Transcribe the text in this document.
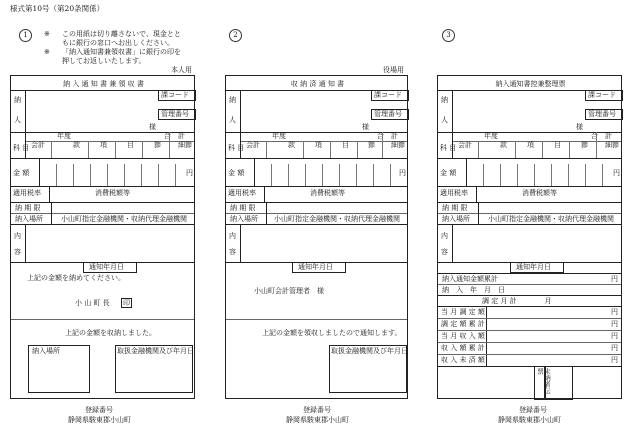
様式第10号（第20条関係）
1	2	3
※ この用紙は切り離さないで、現金とと
もに銀行の窓口へお出しください。
※ 「納入通知書兼領収書」に銀行の印を
押してお返しいたします。
本人用
納 入 通 知 書 兼 領 収 書
納
人
課コード
管理番号
様
年度	合　計
科 目 会計	款	項	目	節 細節
金 額	円
適用税率	消費税額等
納 期 限
納入場所	小山町指定金融機関・収納代理金融機関
内
容
通知年月日
上記の金額を納めてください。
小 山 町 長 印
上記の金額を収納しました。
納入場所	取扱金融機関及び年月日
登録番号
静岡県駿東郡小山町
役場用
収 納 済 通 知 書
納
人
課コード
管理番号
様
年度	合　計
科 目 会計	款	項	目	節 細節
金 額	円
適用税率	消費税額等
納 期 限
納入場所 小山町指定金融機関・収納代理金融機関
内
容
通知年月日
小山町会計管理者　様
上記の金額を領収しましたので通知します。
取扱金融機関及び年月日
登録番号
静岡県駿東郡小山町
納入通知書控兼整理票
納
人
課コード
管理番号
様
年度	合　計
科 目 会計	款	項	目	節 細節
金 額	円
適用税率	消費税額等
納 期 限
納入場所	小山町指定金融機関・収納代理金融機関
内
容
通知年月日
納入通知金額累計	円
納　入　年　月　日
調 定 月 計　　　　月
当 月 調 定 額	円
調 定 額 累 計	円
当 月 収 入 額	円
収 入 額 累 計	円
収 入 未 済 額	円
未納者伝票
登録番号
静岡県駿東郡小山町
